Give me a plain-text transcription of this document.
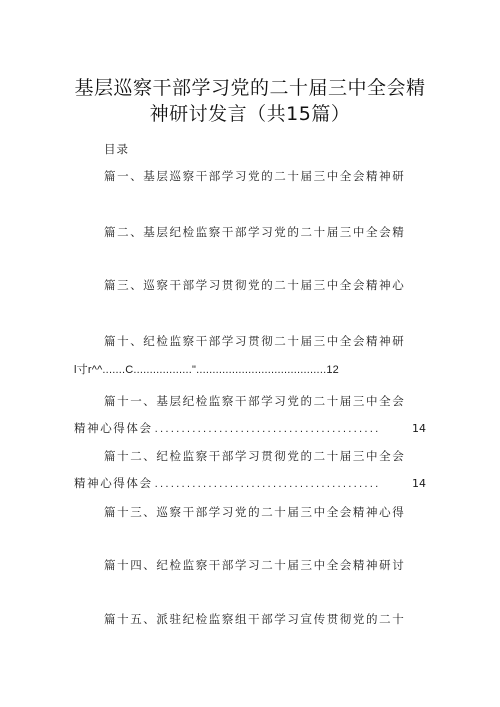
基层巡察干部学习党的二十届三中全会精
神研讨发言（共15篇）
目录
篇一、基层巡察干部学习党的二十届三中全会精神研
篇二、基层纪检监察干部学习党的二十届三中全会精
篇三、巡察干部学习贯彻党的二十届三中全会精神心
篇十、纪检监察干部学习贯彻二十届三中全会精神研
l寸r^^.......C.................."........................................12
篇十一、基层纪检监察干部学习党的二十届三中全会
精神心得体会 ..........................................	14
篇十二、纪检监察干部学习贯彻党的二十届三中全会
精神心得体会 ..........................................	14
篇十三、巡察干部学习党的二十届三中全会精神心得
篇十四、纪检监察干部学习二十届三中全会精神研讨
篇十五、派驻纪检监察组干部学习宣传贯彻党的二十
